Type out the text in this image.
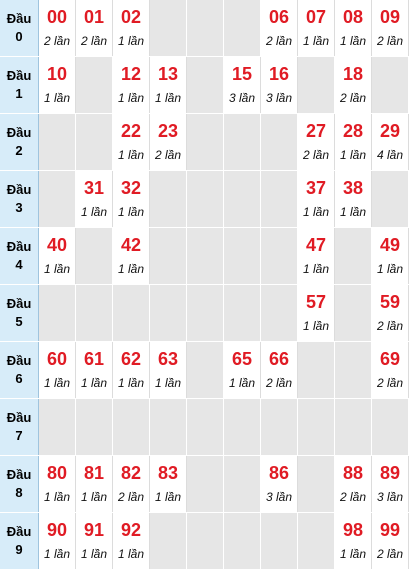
Đầu
0
00
2 lần
01
2 lần
02
1 lần
06
2 lần
07
1 lần
08
1 lần
09
2 lần
Đầu
1
10
1 lần
12
1 lần
13
1 lần
15
3 lần
16
3 lần
18
2 lần
Đầu
2
22
1 lần
23
2 lần
27
2 lần
28
1 lần
29
4 lần
Đầu
3
31
1 lần
32
1 lần
37
1 lần
38
1 lần
Đầu
4
40
1 lần
42
1 lần
47
1 lần
49
1 lần
Đầu
5
57
1 lần
59
2 lần
Đầu
6
60
1 lần
61
1 lần
62
1 lần
63
1 lần
65
1 lần
66
2 lần
69
2 lần
Đầu
7
Đầu
8
80
1 lần
81
1 lần
82
2 lần
83
1 lần
86
3 lần
88
2 lần
89
3 lần
Đầu
9
90
1 lần
91
1 lần
92
1 lần
98
1 lần
99
2 lần
